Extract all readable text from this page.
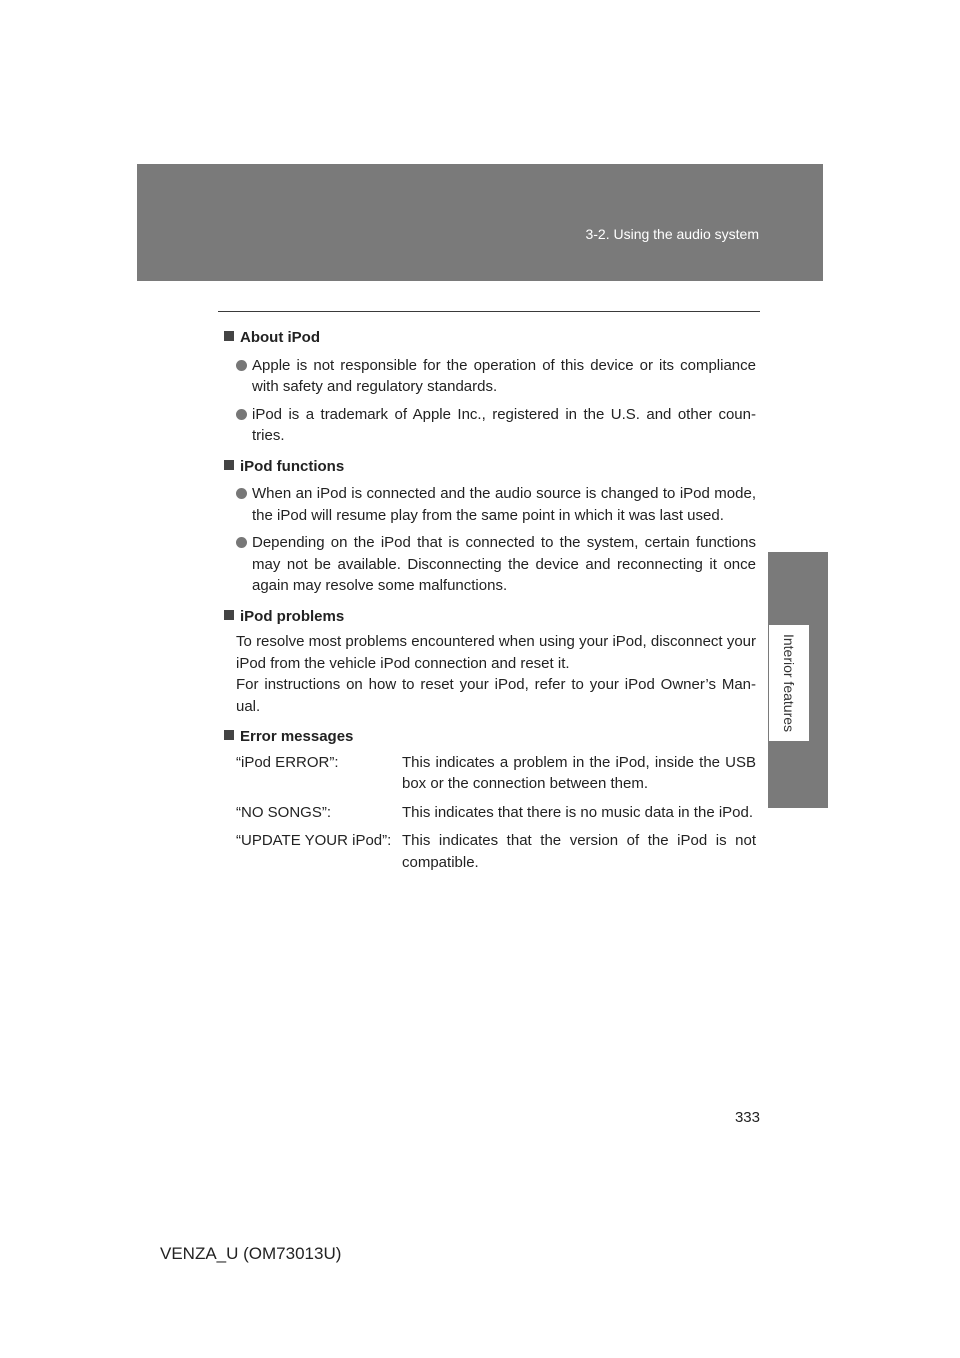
3-2. Using the audio system
Interior features

About iPod

Apple is not responsible for the operation of this device or its compliance with safety and regulatory standards.
iPod is a trademark of Apple Inc., registered in the U.S. and other coun-tries.

iPod functions

When an iPod is connected and the audio source is changed to iPod mode, the iPod will resume play from the same point in which it was last used.
Depending on the iPod that is connected to the system, certain functions may not be available. Disconnecting the device and reconnecting it once again may resolve some malfunctions.

iPod problems

To resolve most problems encountered when using your iPod, disconnect your iPod from the vehicle iPod connection and reset it.
For instructions on how to reset your iPod, refer to your iPod Owner’s Man-ual.

Error messages

“iPod ERROR”:	This indicates a problem in the iPod, inside the USB box or the connection between them.
“NO SONGS”:	This indicates that there is no music data in the iPod.
“UPDATE YOUR iPod”: This indicates that the version of the iPod is not compatible.
333
VENZA_U (OM73013U)
